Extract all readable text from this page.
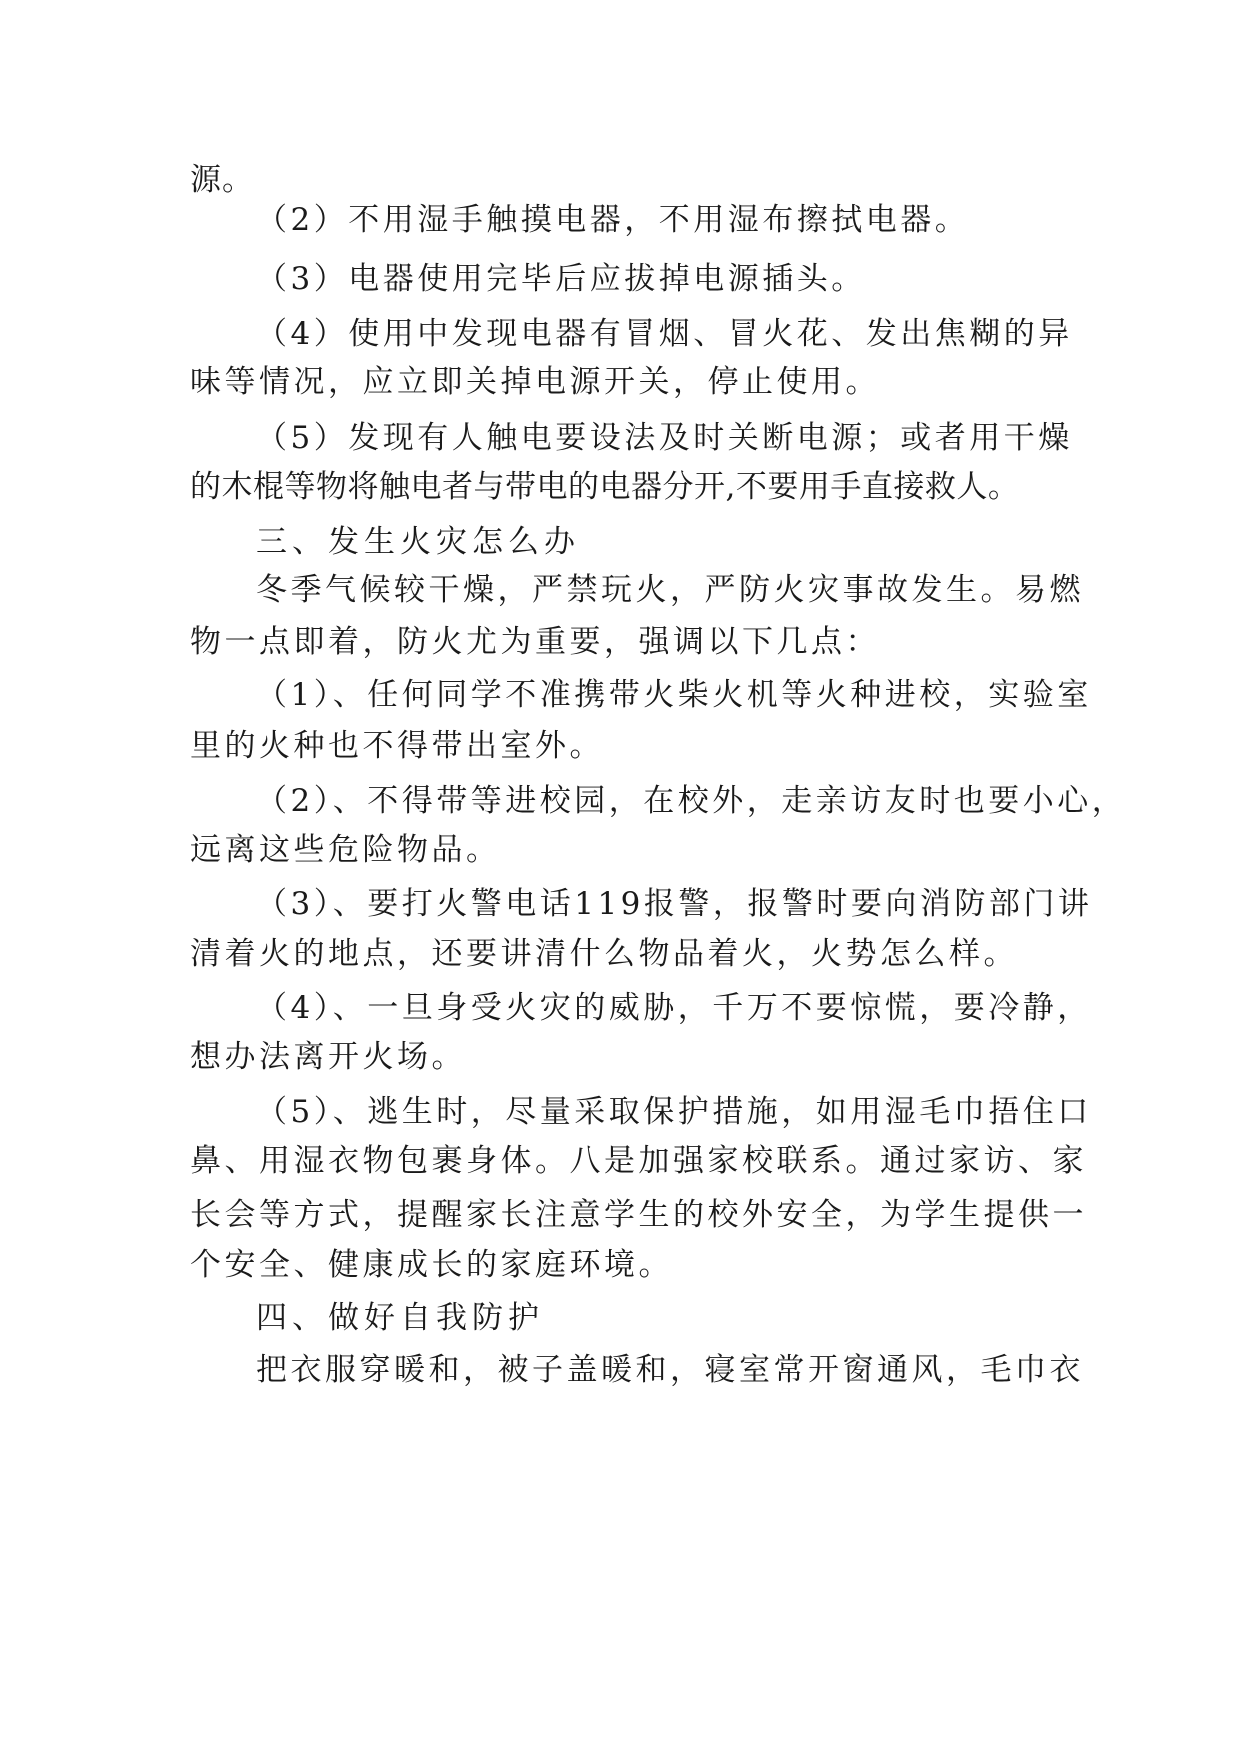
源。
（2）不用湿手触摸电器，不用湿布擦拭电器。
（3）电器使用完毕后应拔掉电源插头。
（4）使用中发现电器有冒烟、冒火花、发出焦糊的异
味等情况，应立即关掉电源开关，停止使用。
（5）发现有人触电要设法及时关断电源；或者用干燥
的木棍等物将触电者与带电的电器分开,不要用手直接救人。
三、发生火灾怎么办
冬季气候较干燥，严禁玩火，严防火灾事故发生。易燃
物一点即着，防火尤为重要，强调以下几点：
（1）、任何同学不准携带火柴火机等火种进校，实验室
里的火种也不得带出室外。
（2）、不得带等进校园，在校外，走亲访友时也要小心，
远离这些危险物品。
（3）、要打火警电话119报警，报警时要向消防部门讲
清着火的地点，还要讲清什么物品着火，火势怎么样。
（4）、一旦身受火灾的威胁，千万不要惊慌，要冷静，
想办法离开火场。
（5）、逃生时，尽量采取保护措施，如用湿毛巾捂住口
鼻、用湿衣物包裹身体。八是加强家校联系。通过家访、家
长会等方式，提醒家长注意学生的校外安全，为学生提供一
个安全、健康成长的家庭环境。
四、做好自我防护
把衣服穿暖和，被子盖暖和，寝室常开窗通风，毛巾衣
